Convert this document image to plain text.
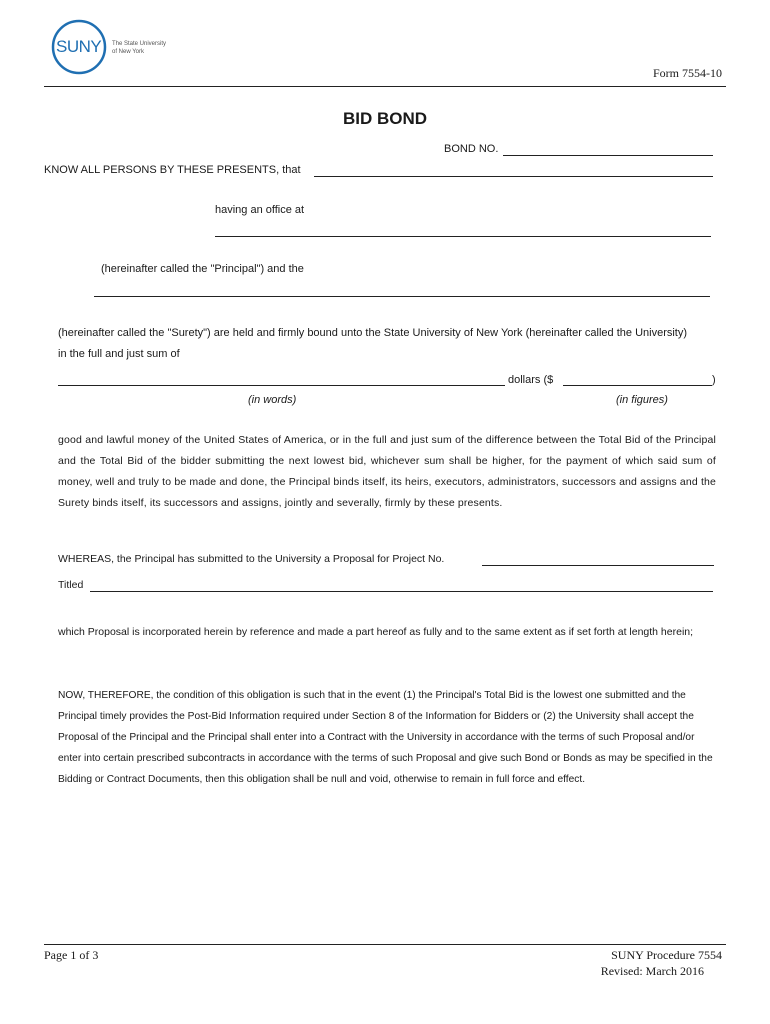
SUNY The State University
of New York
Form 7554-10
BID BOND
BOND NO.
KNOW ALL PERSONS BY THESE PRESENTS, that
having an office at
(hereinafter called the "Principal") and the
(hereinafter called the "Surety") are held and firmly bound unto the State University of New York (hereinafter called the University)
in the full and just sum of
dollars ($	)
(in words)	(in figures)
good and lawful money of the United States of America, or in the full and just sum of the difference between the Total Bid of the Principal and the Total Bid of the bidder submitting the next lowest bid, whichever sum shall be higher, for the payment of which said sum of money, well and truly to be made and done, the Principal binds itself, its heirs, executors, administrators, successors and assigns and the Surety binds itself, its successors and assigns, jointly and severally, firmly by these presents.
WHEREAS, the Principal has submitted to the University a Proposal for Project No.
Titled
which Proposal is incorporated herein by reference and made a part hereof as fully and to the same extent as if set forth at length herein;
NOW, THEREFORE, the condition of this obligation is such that in the event (1) the Principal's Total Bid is the lowest one submitted and the Principal timely provides the Post-Bid Information required under Section 8 of the Information for Bidders or (2) the University shall accept the Proposal of the Principal and the Principal shall enter into a Contract with the University in accordance with the terms of such Proposal and/or enter into certain prescribed subcontracts in accordance with the terms of such Proposal and give such Bond or Bonds as may be specified in the Bidding or Contract Documents, then this obligation shall be null and void, otherwise to remain in full force and effect.
Page 1 of 3	SUNY Procedure 7554
Revised: March 2016
